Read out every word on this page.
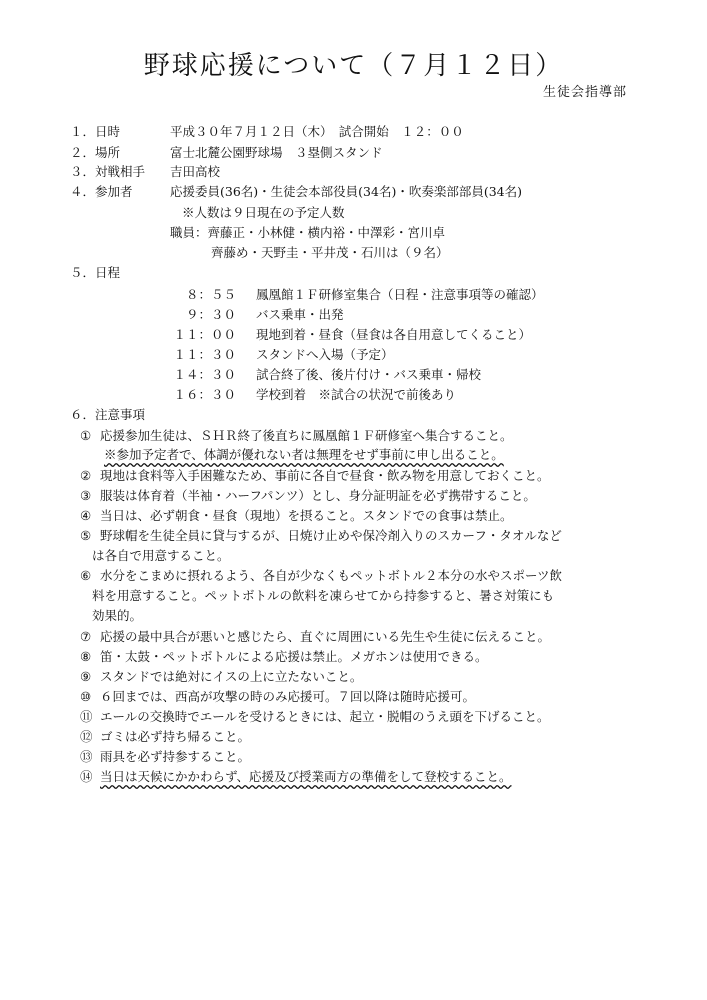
野球応援について（７月１２日）
生徒会指導部
１．日時	平成３０年７月１２日（木）　試合開始　１２：００
２．場所	富士北麓公園野球場　３塁側スタンド
３．対戦相手 吉田高校
４．参加者	応援委員(36名)・生徒会本部役員(34名)・吹奏楽部部員(34名)
※人数は９日現在の予定人数
職員：齊藤正・小林健・横内裕・中澤彩・宮川卓
齊藤め・天野圭・平井茂・石川は（９名）
５．日程
８：５５ 鳳凰館１Ｆ研修室集合（日程・注意事項等の確認）
９：３０ バス乗車・出発
１１：００ 現地到着・昼食（昼食は各自用意してくること）
１１：３０ スタンドへ入場（予定）
１４：３０ 試合終了後、後片付け・バス乗車・帰校
１６：３０ 学校到着　※試合の状況で前後あり
６．注意事項
① 応援参加生徒は、ＳＨＲ終了後直ちに鳳凰館１Ｆ研修室へ集合すること。
※参加予定者で、体調が優れない者は無理をせず事前に申し出ること。
② 現地は食料等入手困難なため、事前に各自で昼食・飲み物を用意しておくこと。
③ 服装は体育着（半袖・ハーフパンツ）とし、身分証明証を必ず携帯すること。
④ 当日は、必ず朝食・昼食（現地）を摂ること。スタンドでの食事は禁止。
⑤ 野球帽を生徒全員に貸与するが、日焼け止めや保冷剤入りのスカーフ・タオルなど
は各自で用意すること。
⑥ 水分をこまめに摂れるよう、各自が少なくもペットボトル２本分の水やスポーツ飲
料を用意すること。ペットボトルの飲料を凍らせてから持参すると、暑さ対策にも
効果的。
⑦ 応援の最中具合が悪いと感じたら、直ぐに周囲にいる先生や生徒に伝えること。
⑧ 笛・太鼓・ペットボトルによる応援は禁止。メガホンは使用できる。
⑨ スタンドでは絶対にイスの上に立たないこと。
⑩ ６回までは、西高が攻撃の時のみ応援可。７回以降は随時応援可。
⑪ エールの交換時でエールを受けるときには、起立・脱帽のうえ頭を下げること。
⑫ ゴミは必ず持ち帰ること。
⑬ 雨具を必ず持参すること。
⑭ 当日は天候にかかわらず、応援及び授業両方の準備をして登校すること。
